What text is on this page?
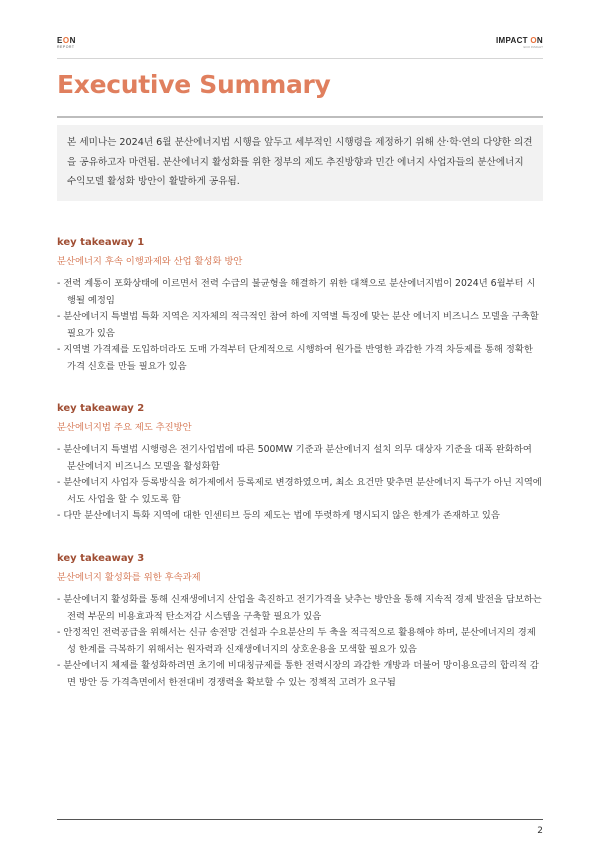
EON
REPORT
IMPACT ON
ECO INSIGHT
Executive Summary
본 세미나는 2024년 6월 분산에너지법 시행을 앞두고 세부적인 시행령을 제정하기 위해 산·학·연의 다양한 의견을 공유하고자 마련됨. 분산에너지 활성화를 위한 정부의 제도 추진방향과 민간 에너지 사업자들의 분산에너지 수익모델 활성화 방안이 활발하게 공유됨.
key takeaway 1
분산에너지 후속 이행과제와 산업 활성화 방안
- 전력 계통이 포화상태에 이르면서 전력 수급의 불균형을 해결하기 위한 대책으로 분산에너지법이 2024년 6월부터 시행될 예정임
- 분산에너지 특별법 특화 지역은 지자체의 적극적인 참여 하에 지역별 특징에 맞는 분산 에너지 비즈니스 모델을 구축할 필요가 있음
- 지역별 가격제를 도입하더라도 도매 가격부터 단계적으로 시행하여 원가를 반영한 과감한 가격 차등제를 통해 정확한 가격 신호를 만들 필요가 있음
key takeaway 2
분산에너지법 주요 제도 추진방안
- 분산에너지 특별법 시행령은 전기사업법에 따른 500MW 기준과 분산에너지 설치 의무 대상자 기준을 대폭 완화하여 분산에너지 비즈니스 모델을 활성화함
- 분산에너지 사업자 등록방식을 허가제에서 등록제로 변경하였으며, 최소 요건만 맞추면 분산에너지 특구가 아닌 지역에서도 사업을 할 수 있도록 함
- 다만 분산에너지 특화 지역에 대한 인센티브 등의 제도는 법에 뚜렷하게 명시되지 않은 한계가 존재하고 있음
key takeaway 3
분산에너지 활성화를 위한 후속과제
- 분산에너지 활성화를 통해 신재생에너지 산업을 촉진하고 전기가격을 낮추는 방안을 통해 지속적 경제 발전을 담보하는 전력 부문의 비용효과적 탄소저감 시스템을 구축할 필요가 있음
- 안정적인 전력공급을 위해서는 신규 송전망 건설과 수요분산의 두 축을 적극적으로 활용해야 하며, 분산에너지의 경제성 한계를 극복하기 위해서는 원자력과 신재생에너지의 상호운용을 모색할 필요가 있음
- 분산에너지 체제를 활성화하려면 초기에 비대칭규제를 통한 전력시장의 과감한 개방과 더불어 망이용요금의 합리적 감면 방안 등 가격측면에서 한전대비 경쟁력을 확보할 수 있는 정책적 고려가 요구됨
2
